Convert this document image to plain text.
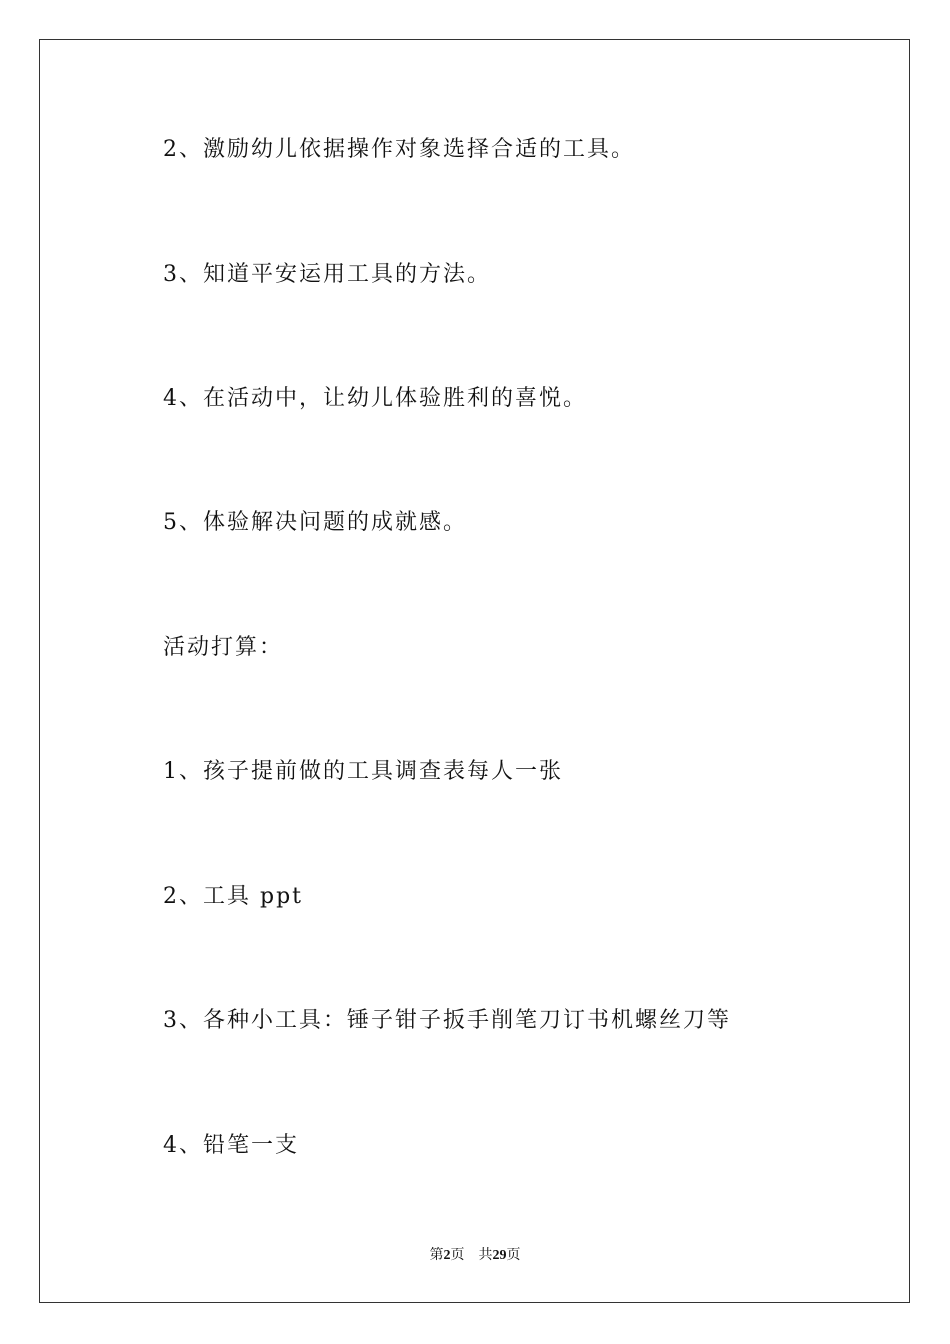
2、激励幼儿依据操作对象选择合适的工具。
3、知道平安运用工具的方法。
4、在活动中，让幼儿体验胜利的喜悦。
5、体验解决问题的成就感。
活动打算：
1、孩子提前做的工具调查表每人一张
2、工具 ppt
3、各种小工具：锤子钳子扳手削笔刀订书机螺丝刀等
4、铅笔一支
第2页 共29页
